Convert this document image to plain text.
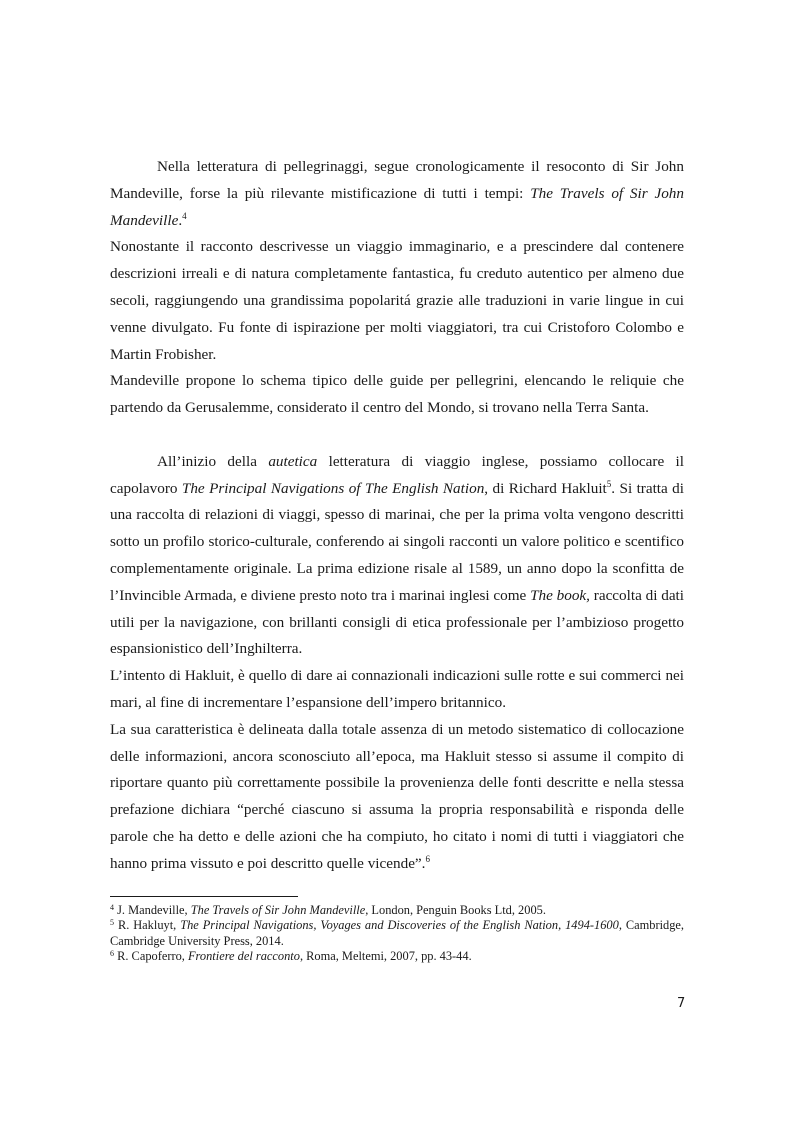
Nella letteratura di pellegrinaggi, segue cronologicamente il resoconto di Sir John Mandeville, forse la più rilevante mistificazione di tutti i tempi: The Travels of Sir John Mandeville.$^4$

Nonostante il racconto descrivesse un viaggio immaginario, e a prescindere dal contenere descrizioni irreali e di natura completamente fantastica, fu creduto autentico per almeno due secoli, raggiungendo una grandissima popolaritá grazie alle traduzioni in varie lingue in cui venne divulgato. Fu fonte di ispirazione per molti viaggiatori, tra cui Cristoforo Colombo e Martin Frobisher.

Mandeville propone lo schema tipico delle guide per pellegrini, elencando le reliquie che partendo da Gerusalemme, considerato il centro del Mondo, si trovano nella Terra Santa.

All’inizio della autetica letteratura di viaggio inglese, possiamo collocare il capolavoro The Principal Navigations of The English Nation, di Richard Hakluit$^5$. Si tratta di una raccolta di relazioni di viaggi, spesso di marinai, che per la prima volta vengono descritti sotto un profilo storico-culturale, conferendo ai singoli racconti un valore politico e scentifico complementamente originale. La prima edizione risale al 1589, un anno dopo la sconfitta de l’Invincible Armada, e diviene presto noto tra i marinai inglesi come The book, raccolta di dati utili per la navigazione, con brillanti consigli di etica professionale per l’ambizioso progetto espansionistico dell’Inghilterra.

L’intento di Hakluit, è quello di dare ai connazionali indicazioni sulle rotte e sui commerci nei mari, al fine di incrementare l’espansione dell’impero britannico.

La sua caratteristica è delineata dalla totale assenza di un metodo sistematico di collocazione delle informazioni, ancora sconosciuto all’epoca, ma Hakluit stesso si assume il compito di riportare quanto più correttamente possibile la provenienza delle fonti descritte e nella stessa prefazione dichiara “perché ciascuno si assuma la propria responsabilità e risponda delle parole che ha detto e delle azioni che ha compiuto, ho citato i nomi di tutti i viaggiatori che hanno prima vissuto e poi descritto quelle vicende”.$^6$

$^4$ J. Mandeville, The Travels of Sir John Mandeville, London, Penguin Books Ltd, 2005.

$^5$ R. Hakluyt, The Principal Navigations, Voyages and Discoveries of the English Nation, 1494-1600, Cambridge, Cambridge University Press, 2014.

$^6$ R. Capoferro, Frontiere del racconto, Roma, Meltemi, 2007, pp. 43-44.

7
